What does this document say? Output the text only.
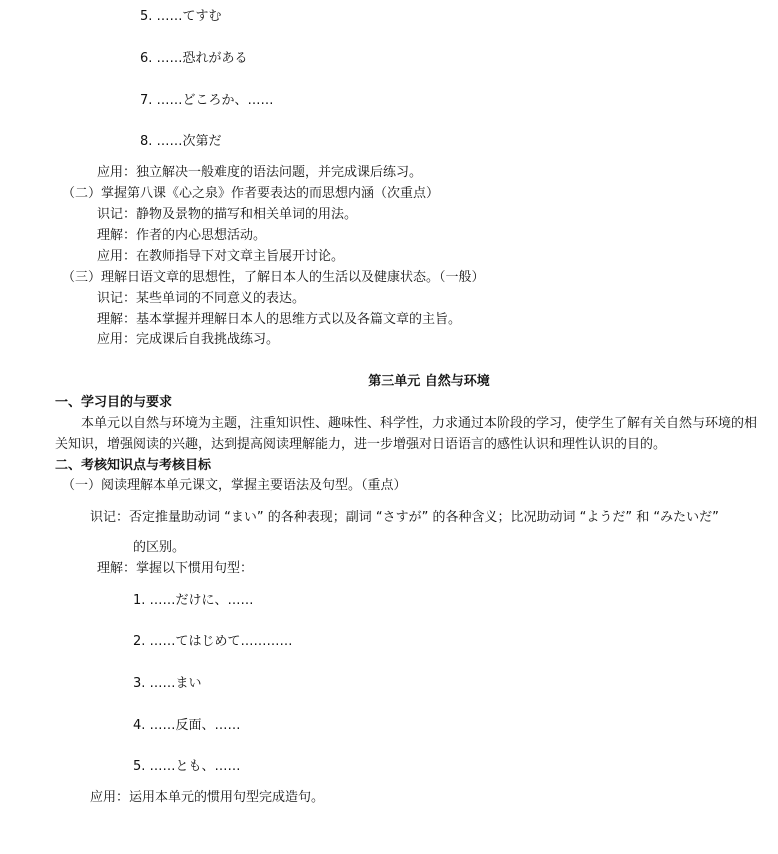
5. ……てすむ
6. ……恐れがある
7. ……どころか、……
8. ……次第だ
应用：独立解决一般难度的语法问题，并完成课后练习。
（二）掌握第八课《心之泉》作者要表达的而思想内涵（次重点）
识记：静物及景物的描写和相关单词的用法。
理解：作者的内心思想活动。
应用：在教师指导下对文章主旨展开讨论。
（三）理解日语文章的思想性，了解日本人的生活以及健康状态。（一般）
识记：某些单词的不同意义的表达。
理解：基本掌握并理解日本人的思维方式以及各篇文章的主旨。
应用：完成课后自我挑战练习。
第三单元 自然与环境
一、学习目的与要求
本单元以自然与环境为主题，注重知识性、趣味性、科学性，力求通过本阶段的学习，使学生了解有关自然与环境的相关知识，增强阅读的兴趣，达到提高阅读理解能力，进一步增强对日语语言的感性认识和理性认识的目的。
二、考核知识点与考核目标
（一）阅读理解本单元课文，掌握主要语法及句型。（重点）
识记：否定推量助动词 “まい” 的各种表现；副词 “さすが” 的各种含义；比况助动词 “ようだ” 和 “みたいだ”
的区别。
理解：掌握以下惯用句型：
1. ……だけに、……
2. ……てはじめて…………
3. ……まい
4. ……反面、……
5. ……とも、……
应用：运用本单元的惯用句型完成造句。
